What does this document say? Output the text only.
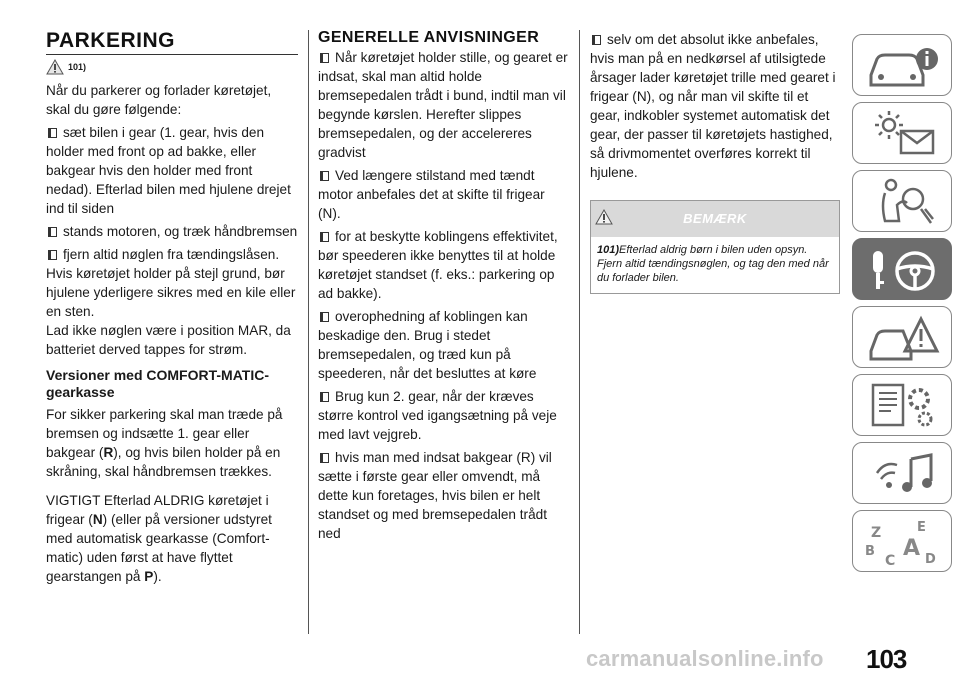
PARKERING
101)

Når du parkerer og forlader køretøjet, skal du gøre følgende:

sæt bilen i gear (1. gear, hvis den holder med front op ad bakke, eller bakgear hvis den holder med front nedad). Efterlad bilen med hjulene drejet ind til siden

stands motoren, og træk håndbremsen

fjern altid nøglen fra tændingslåsen.

Hvis køretøjet holder på stejl grund, bør hjulene yderligere sikres med en kile eller en sten.

Lad ikke nøglen være i position MAR, da batteriet derved tappes for strøm.

Versioner med COMFORT-MATIC-gearkasse

For sikker parkering skal man træde på bremsen og indsætte 1. gear eller bakgear (R), og hvis bilen holder på en skråning, skal håndbremsen trækkes.

VIGTIGT Efterlad ALDRIG køretøjet i frigear (N) (eller på versioner udstyret med automatisk gearkasse (Comfort-matic) uden først at have flyttet gearstangen på P).

GENERELLE ANVISNINGER

Når køretøjet holder stille, og gearet er indsat, skal man altid holde bremsepedalen trådt i bund, indtil man vil begynde kørslen. Herefter slippes bremsepedalen, og der accelereres gradvist

Ved længere stilstand med tændt motor anbefales det at skifte til frigear (N).

for at beskytte koblingens effektivitet, bør speederen ikke benyttes til at holde køretøjet standset (f. eks.: parkering op ad bakke).

overophedning af koblingen kan beskadige den. Brug i stedet bremsepedalen, og træd kun på speederen, når det besluttes at køre

Brug kun 2. gear, når der kræves større kontrol ved igangsætning på veje med lavt vejgreb.

hvis man med indsat bakgear (R) vil sætte i første gear eller omvendt, må dette kun foretages, hvis bilen er helt standset og med bremsepedalen trådt ned

selv om det absolut ikke anbefales, hvis man på en nedkørsel af utilsigtede årsager lader køretøjet trille med gearet i frigear (N), og når man vil skifte til et gear, indkobler systemet automatisk det gear, der passer til køretøjets hastighed, så drivmomentet overføres korrekt til hjulene.

BEMÆRK
101)Efterlad aldrig børn i bilen uden opsyn. Fjern altid tændingsnøglen, og tag den med når du forlader bilen.
Z	E
B A
C D
103
carmanualsonline.info
